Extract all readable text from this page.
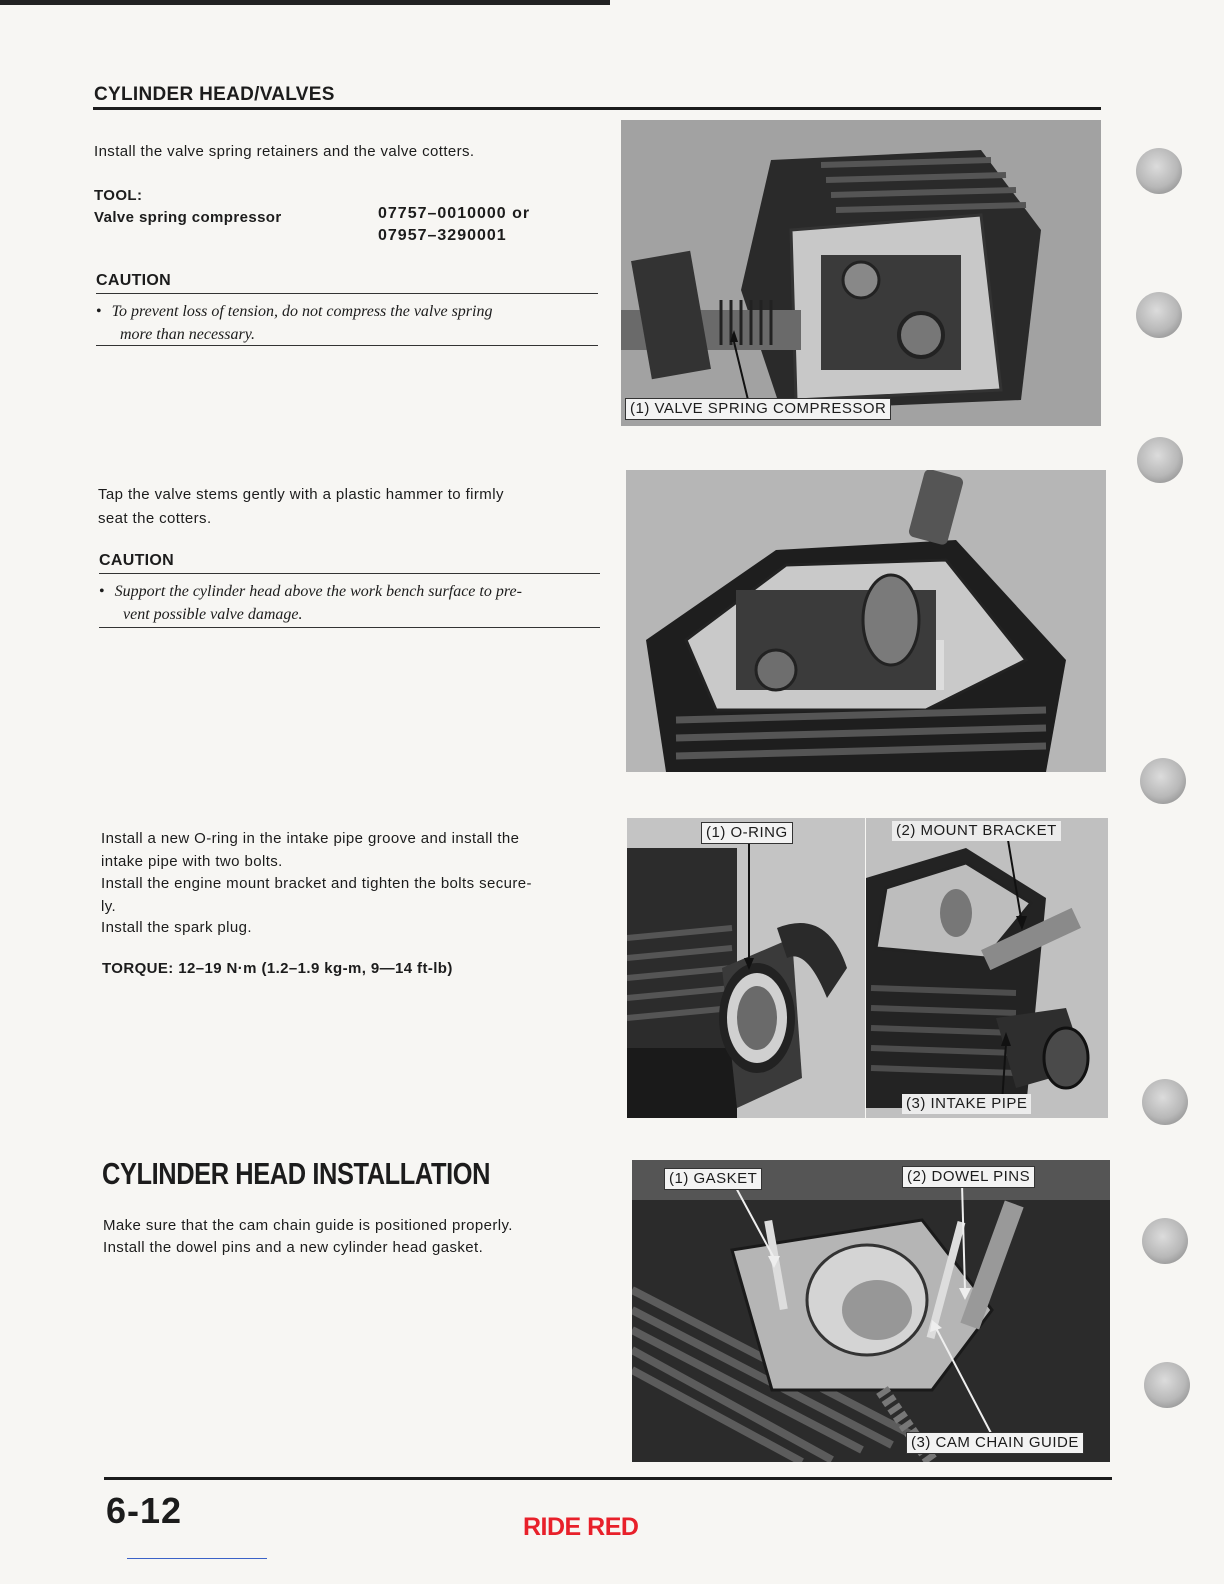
CYLINDER HEAD/VALVES
Install the valve spring retainers and the valve cotters.
TOOL:
Valve spring compressor	07757–0010000 or
07957–3290001
CAUTION
• To prevent loss of tension, do not compress the valve spring
more than necessary.
(1) VALVE SPRING COMPRESSOR
Tap the valve stems gently with a plastic hammer to firmly
seat the cotters.
CAUTION
• Support the cylinder head above the work bench surface to pre-
vent possible valve damage.
Install a new O-ring in the intake pipe groove and install the
intake pipe with two bolts.
Install the engine mount bracket and tighten the bolts secure-
ly.
Install the spark plug.
TORQUE: 12–19 N·m (1.2–1.9 kg-m, 9—14 ft-lb)
(1) O-RING	(2) MOUNT BRACKET
(3) INTAKE PIPE
CYLINDER HEAD INSTALLATION
Make sure that the cam chain guide is positioned properly.
Install the dowel pins and a new cylinder head gasket.
(1) GASKET	(2) DOWEL PINS
(3) CAM CHAIN GUIDE
6-12	RIDE RED
